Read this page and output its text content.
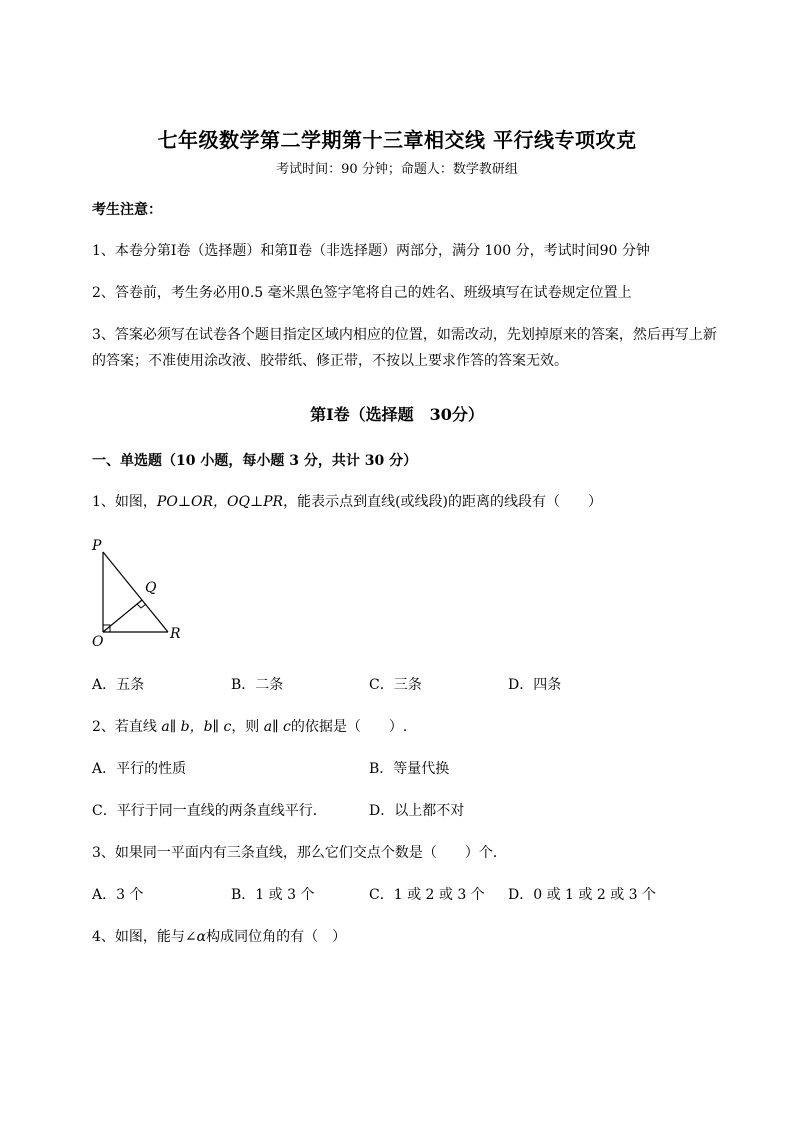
七年级数学第二学期第十三章相交线 平行线专项攻克
考试时间：90 分钟；命题人：数学教研组
考生注意：
1、本卷分第Ⅰ卷（选择题）和第Ⅱ卷（非选择题）两部分，满分 100 分，考试时间90 分钟
2、答卷前，考生务必用0.5 毫米黑色签字笔将自己的姓名、班级填写在试卷规定位置上
3、答案必须写在试卷各个题目指定区域内相应的位置，如需改动，先划掉原来的答案，然后再写上新
的答案；不准使用涂改液、胶带纸、修正带，不按以上要求作答的答案无效。
第Ⅰ卷（选择题　30分）
一、单选题（10 小题，每小题 3 分，共计 30 分）
1、如图，PO⊥OR，OQ⊥PR，能表示点到直线(或线段)的距离的线段有（　　）
P
Q
O	R
A．五条	B．二条	C．三条	D．四条
2、若直线 a∥ b，b∥ c，则 a∥ c的依据是（　　）.
A．平行的性质	B．等量代换
C．平行于同一直线的两条直线平行．	D．以上都不对
3、如果同一平面内有三条直线，那么它们交点个数是（　　）个．
A．3 个	B．1 或 3 个	C．1 或 2 或 3 个 D．0 或 1 或 2 或 3 个
4、如图，能与∠α构成同位角的有（　）
